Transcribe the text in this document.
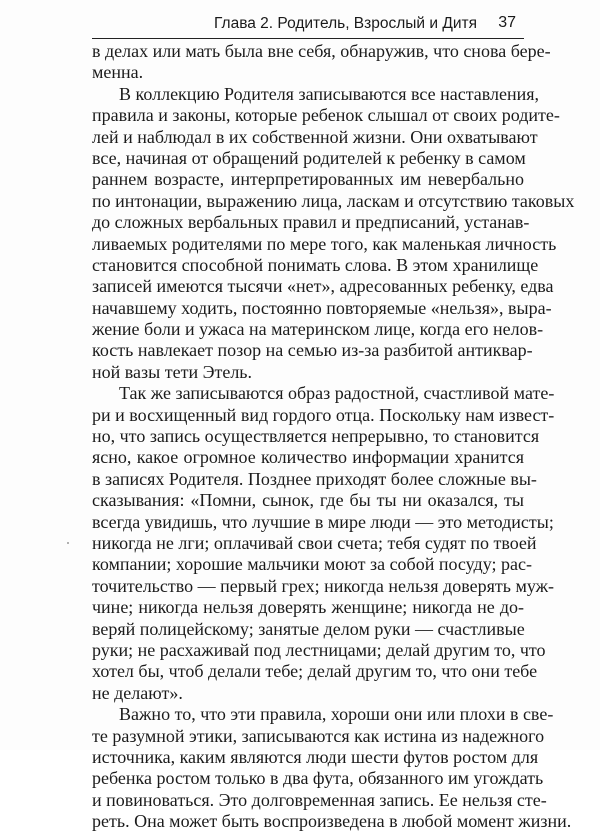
Глава 2. Родитель, Взрослый и Дитя 37
в делах или мать была вне себя, обнаружив, что снова бере-
менна.
В коллекцию Родителя записываются все наставления,
правила и законы, которые ребенок слышал от своих родите-
лей и наблюдал в их собственной жизни. Они охватывают
все, начиная от обращений родителей к ребенку в самом
раннем возрасте, интерпретированных им невербально
по интонации, выражению лица, ласкам и отсутствию таковых
до сложных вербальных правил и предписаний, устанав-
ливаемых родителями по мере того, как маленькая личность
становится способной понимать слова. В этом хранилище
записей имеются тысячи «нет», адресованных ребенку, едва
начавшему ходить, постоянно повторяемые «нельзя», выра-
жение боли и ужаса на материнском лице, когда его нелов-
кость навлекает позор на семью из-за разбитой антиквар-
ной вазы тети Этель.
Так же записываются образ радостной, счастливой мате-
ри и восхищенный вид гордого отца. Поскольку нам извест-
но, что запись осуществляется непрерывно, то становится
ясно, какое огромное количество информации хранится
в записях Родителя. Позднее приходят более сложные вы-
сказывания: «Помни, сынок, где бы ты ни оказался, ты
всегда увидишь, что лучшие в мире люди — это методисты;
никогда не лги; оплачивай свои счета; тебя судят по твоей
компании; хорошие мальчики моют за собой посуду; рас-
точительство — первый грех; никогда нельзя доверять муж-
чине; никогда нельзя доверять женщине; никогда не до-
веряй полицейскому; занятые делом руки — счастливые
руки; не расхаживай под лестницами; делай другим то, что
хотел бы, чтоб делали тебе; делай другим то, что они тебе
не делают».
Важно то, что эти правила, хороши они или плохи в све-
те разумной этики, записываются как истина из надежного
источника, каким являются люди шести футов ростом для
ребенка ростом только в два фута, обязанного им угождать
и повиноваться. Это долговременная запись. Ее нельзя сте-
реть. Она может быть воспроизведена в любой момент жизни.
